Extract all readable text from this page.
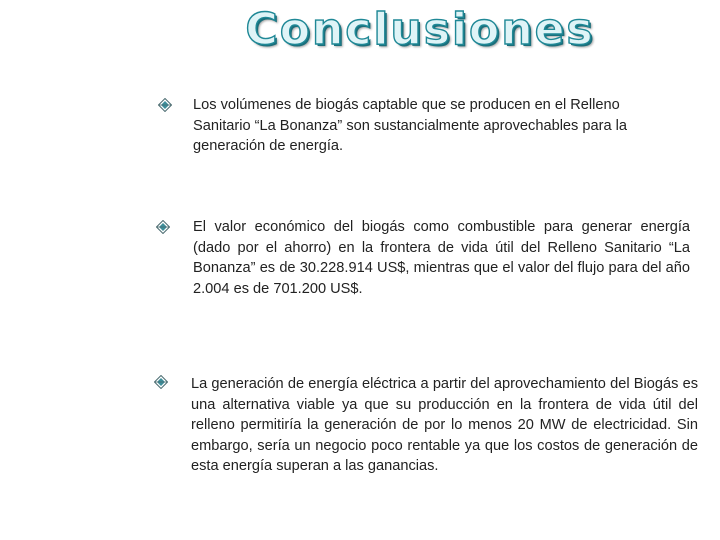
Conclusiones

Los volúmenes de biogás captable que se producen en el Relleno Sanitario “La Bonanza” son sustancialmente aprovechables para la generación de energía.

El valor económico del biogás como combustible para generar energía (dado por el ahorro) en la frontera de vida útil del Relleno Sanitario “La Bonanza” es de 30.228.914 US$, mientras que el valor del flujo para del año 2.004 es de 701.200 US$.

La generación de energía eléctrica a partir del aprovechamiento del Biogás es una alternativa viable ya que su producción en la frontera de vida útil del relleno permitiría la generación de por lo menos 20 MW de electricidad. Sin embargo, sería un negocio poco rentable ya que los costos de generación de esta energía superan a las ganancias.
